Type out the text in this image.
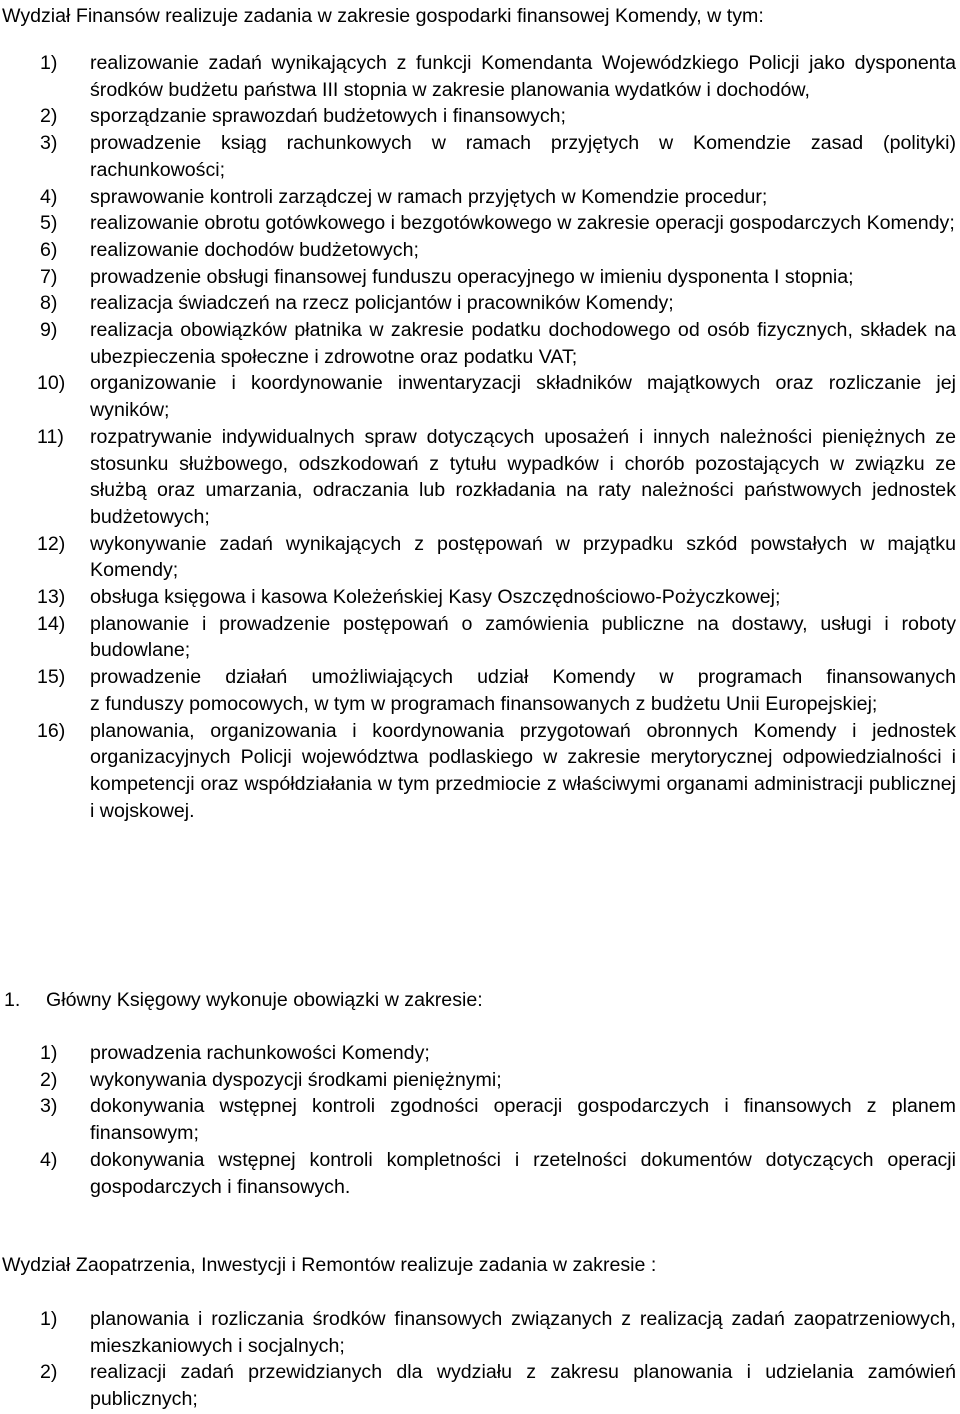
Wydział Finansów realizuje zadania w zakresie gospodarki finansowej Komendy, w tym:
1) realizowanie zadań wynikających z funkcji Komendanta Wojewódzkiego Policji jako dysponenta środków budżetu państwa III stopnia w zakresie planowania wydatków i dochodów,
2) sporządzanie sprawozdań budżetowych i finansowych;
3) prowadzenie ksiąg rachunkowych w ramach przyjętych w Komendzie zasad (polityki) rachunkowości;
4) sprawowanie kontroli zarządczej w ramach przyjętych w Komendzie procedur;
5) realizowanie obrotu gotówkowego i bezgotówkowego w zakresie operacji gospodarczych Komendy;
6) realizowanie dochodów budżetowych;
7) prowadzenie obsługi finansowej funduszu operacyjnego w imieniu dysponenta I stopnia;
8) realizacja świadczeń na rzecz policjantów i pracowników Komendy;
9) realizacja obowiązków płatnika w zakresie podatku dochodowego od osób fizycznych, składek na ubezpieczenia społeczne i zdrowotne oraz podatku VAT;
10) organizowanie i koordynowanie inwentaryzacji składników majątkowych oraz rozliczanie jej wyników;
11) rozpatrywanie indywidualnych spraw dotyczących uposażeń i innych należności pieniężnych ze stosunku służbowego, odszkodowań z tytułu wypadków i chorób pozostających w związku ze służbą oraz umarzania, odraczania lub rozkładania na raty należności państwowych jednostek budżetowych;
12) wykonywanie zadań wynikających z postępowań w przypadku szkód powstałych w majątku Komendy;
13) obsługa księgowa i kasowa Koleżeńskiej Kasy Oszczędnościowo-Pożyczkowej;
14) planowanie i prowadzenie postępowań o zamówienia publiczne na dostawy, usługi i roboty budowlane;
15) prowadzenie działań umożliwiających udział Komendy w programach finansowanych
z funduszy pomocowych, w tym w programach finansowanych z budżetu Unii Europejskiej;
16) planowania, organizowania i koordynowania przygotowań obronnych Komendy i jednostek organizacyjnych Policji województwa podlaskiego w zakresie merytorycznej odpowiedzialności i kompetencji oraz współdziałania w tym przedmiocie z właściwymi organami administracji publicznej i wojskowej.
1. Główny Księgowy wykonuje obowiązki w zakresie:
1) prowadzenia rachunkowości Komendy;
2) wykonywania dyspozycji środkami pieniężnymi;
3) dokonywania wstępnej kontroli zgodności operacji gospodarczych i finansowych z planem finansowym;
4) dokonywania wstępnej kontroli kompletności i rzetelności dokumentów dotyczących operacji gospodarczych i finansowych.
Wydział Zaopatrzenia, Inwestycji i Remontów realizuje zadania w zakresie :
1) planowania i rozliczania środków finansowych związanych z realizacją zadań zaopatrzeniowych, mieszkaniowych i socjalnych;
2) realizacji zadań przewidzianych dla wydziału z zakresu planowania i udzielania zamówień publicznych;
